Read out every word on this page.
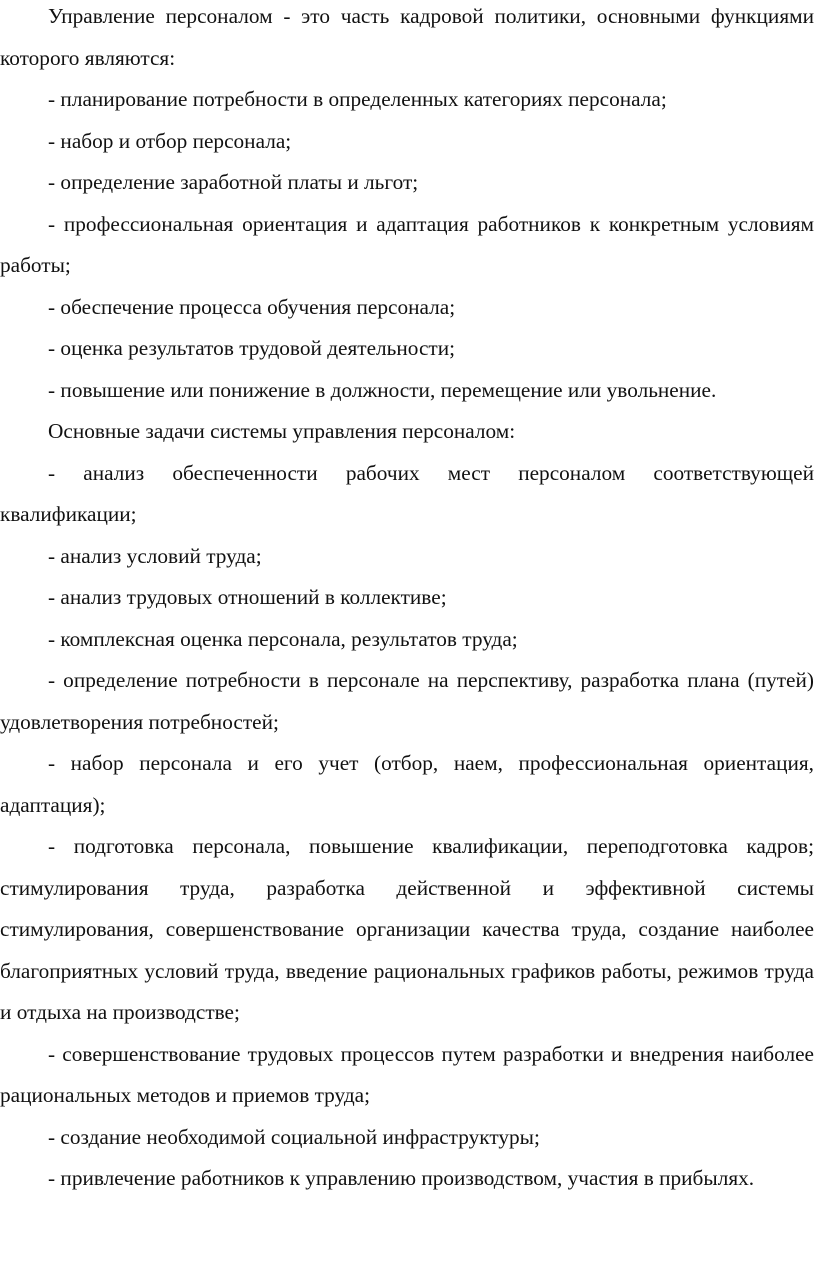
Управление персоналом - это часть кадровой политики, основными функциями которого являются:

- планирование потребности в определенных категориях персонала;

- набор и отбор персонала;

- определение заработной платы и льгот;

- профессиональная ориентация и адаптация работников к конкретным условиям работы;

- обеспечение процесса обучения персонала;

- оценка результатов трудовой деятельности;

- повышение или понижение в должности, перемещение или увольнение.

Основные задачи системы управления персоналом:

- анализ обеспеченности рабочих мест персоналом соответствующей квалификации;

- анализ условий труда;

- анализ трудовых отношений в коллективе;

- комплексная оценка персонала, результатов труда;

- определение потребности в персонале на перспективу, разработка плана (путей) удовлетворения потребностей;

- набор персонала и его учет (отбор, наем, профессиональная ориентация, адаптация);

- подготовка персонала, повышение квалификации, переподготовка кадров; стимулирования труда, разработка действенной и эффективной системы стимулирования, совершенствование организации качества труда, создание наиболее благоприятных условий труда, введение рациональных графиков работы, режимов труда и отдыха на производстве;

- совершенствование трудовых процессов путем разработки и внедрения наиболее рациональных методов и приемов труда;

- создание необходимой социальной инфраструктуры;

- привлечение работников к управлению производством, участия в прибылях.
